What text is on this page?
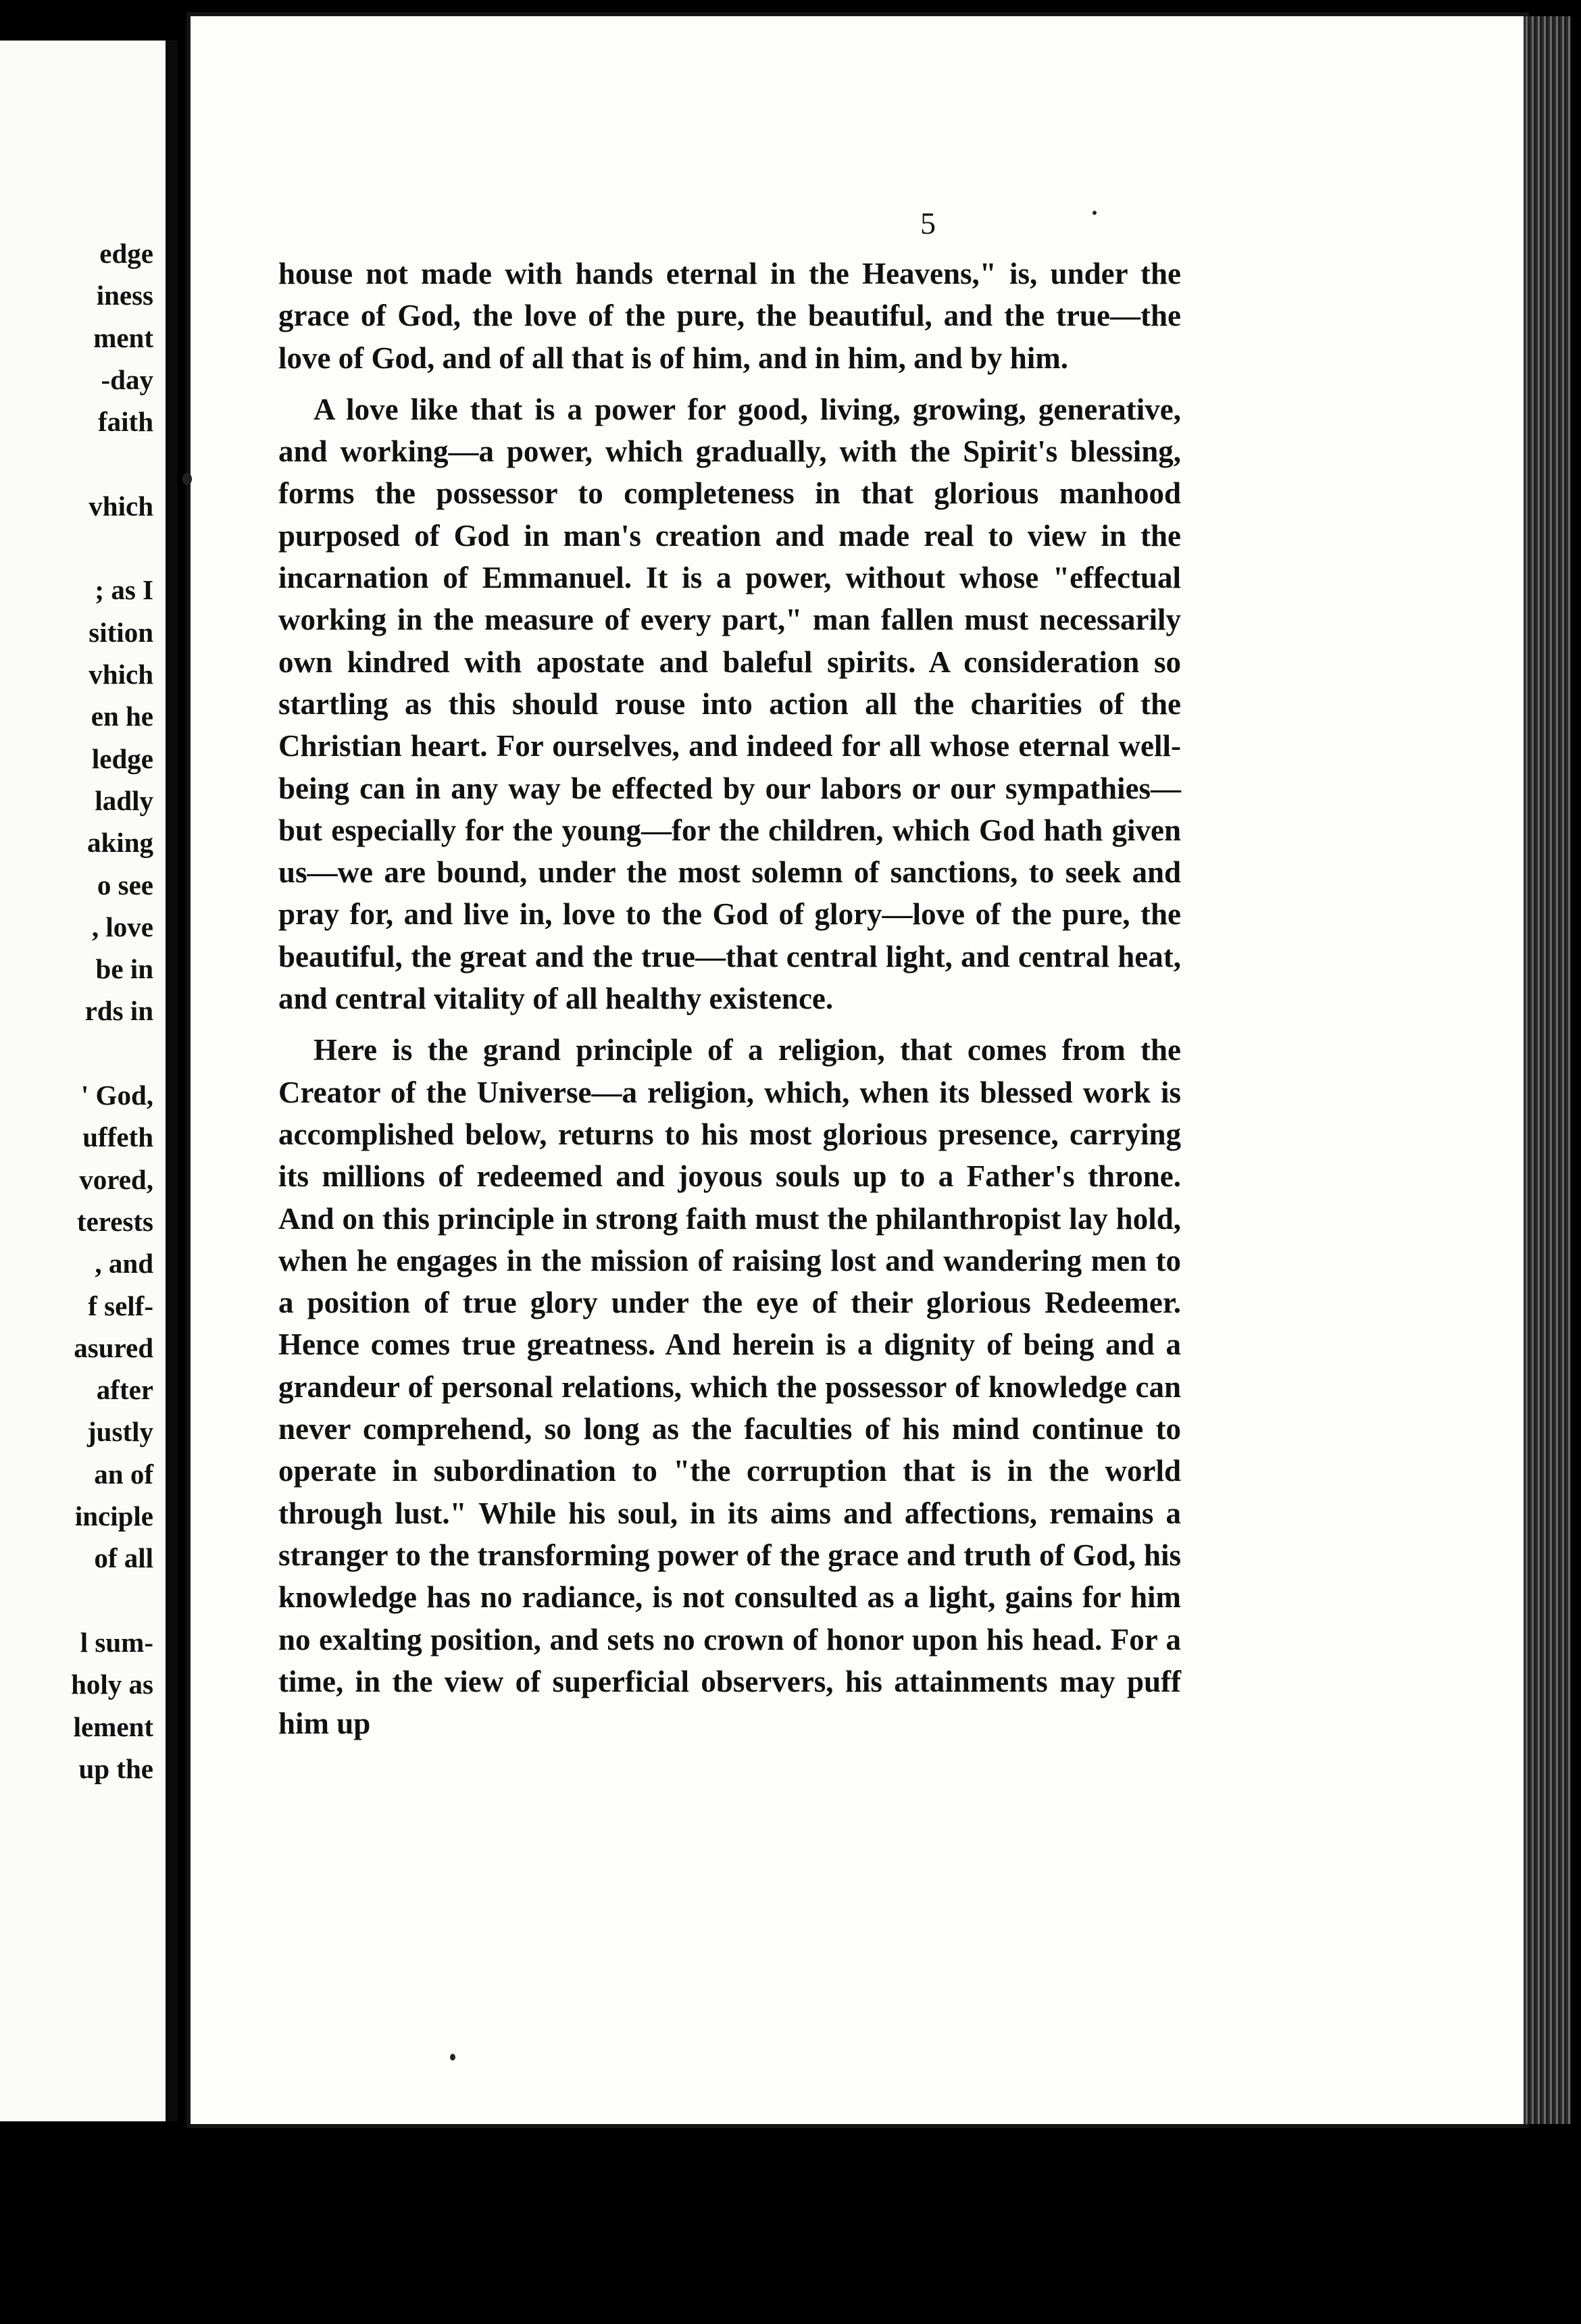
edge
iness
ment
-day
faith
vhich
; as I
sition
vhich
en he
ledge
ladly
aking
o see
, love
be in
rds in
' God,
uffeth
vored,
terests
, and
f self-
asured
after
justly
an of
inciple
of all
l sum-
holy as
lement
up the
5

house not made with hands eternal in the Heavens," is, under the grace of God, the love of the pure, the beautiful, and the true—the love of God, and of all that is of him, and in him, and by him.

A love like that is a power for good, living, growing, generative, and working—a power, which gradually, with the Spirit's blessing, forms the possessor to completeness in that glorious manhood purposed of God in man's creation and made real to view in the incarnation of Emmanuel. It is a power, without whose "effectual working in the measure of every part," man fallen must necessarily own kindred with apostate and baleful spirits. A consideration so startling as this should rouse into action all the charities of the Christian heart. For ourselves, and indeed for all whose eternal well-being can in any way be effected by our labors or our sympathies—but especially for the young—for the children, which God hath given us—we are bound, under the most solemn of sanctions, to seek and pray for, and live in, love to the God of glory—love of the pure, the beautiful, the great and the true—that central light, and central heat, and central vitality of all healthy existence.

Here is the grand principle of a religion, that comes from the Creator of the Universe—a religion, which, when its blessed work is accomplished below, returns to his most glorious presence, carrying its millions of redeemed and joyous souls up to a Father's throne. And on this principle in strong faith must the philanthropist lay hold, when he engages in the mission of raising lost and wandering men to a position of true glory under the eye of their glorious Redeemer. Hence comes true greatness. And herein is a dignity of being and a grandeur of personal relations, which the possessor of knowledge can never comprehend, so long as the faculties of his mind continue to operate in subordination to "the corruption that is in the world through lust." While his soul, in its aims and affections, remains a stranger to the transforming power of the grace and truth of God, his knowledge has no radiance, is not consulted as a light, gains for him no exalting position, and sets no crown of honor upon his head. For a time, in the view of superficial observers, his attainments may puff him up
